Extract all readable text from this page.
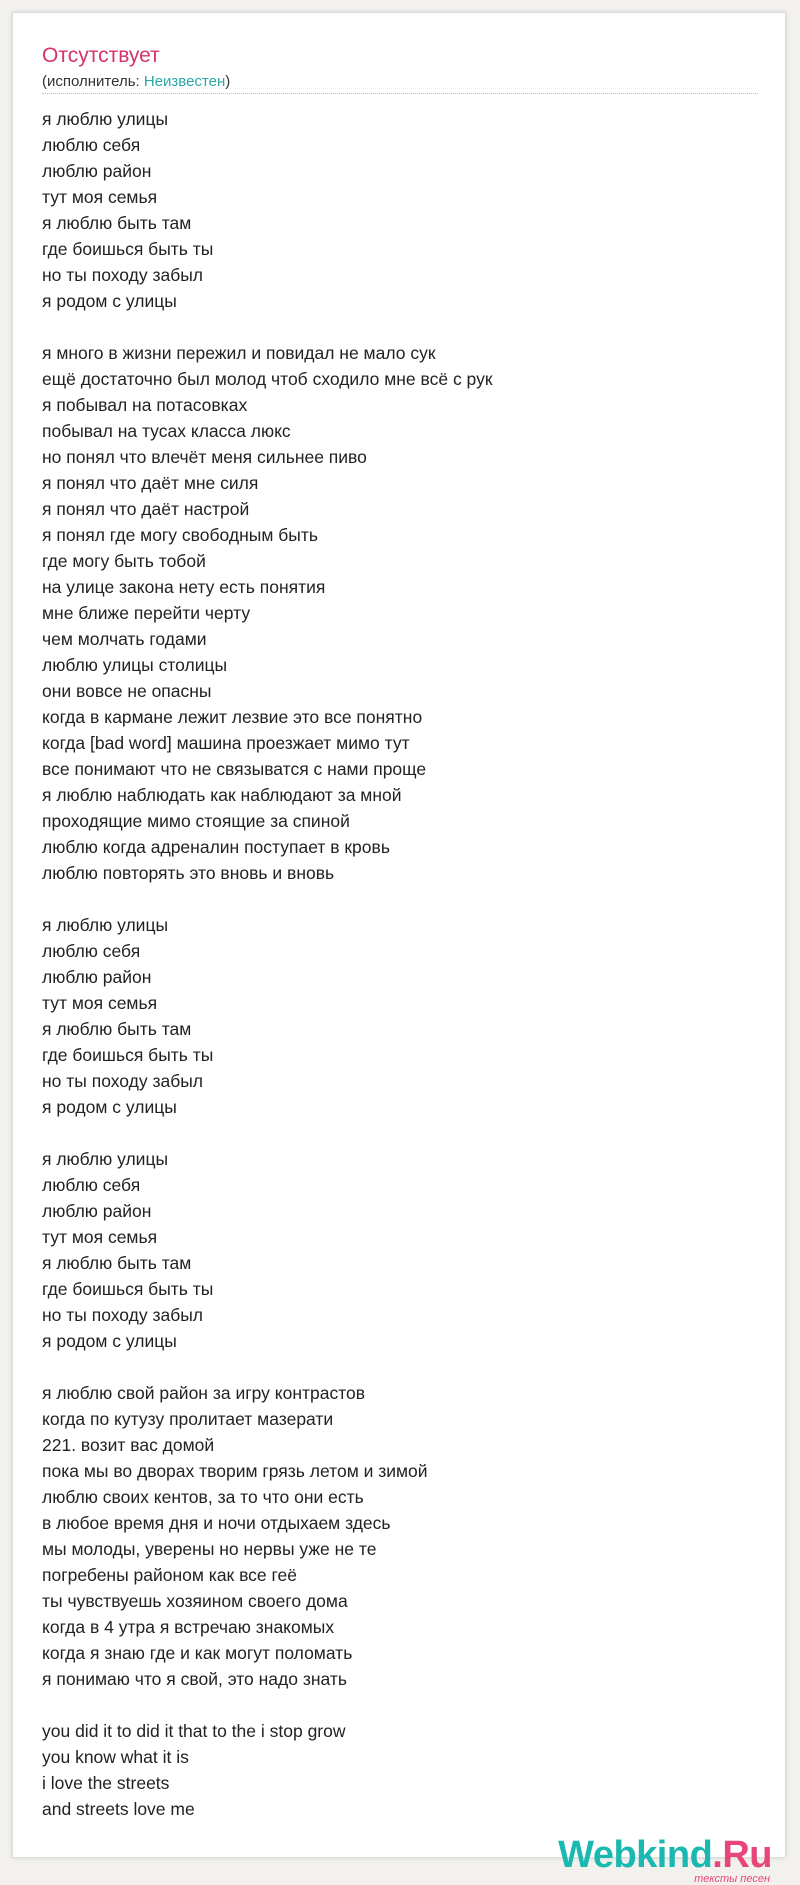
Отсутствует
(исполнитель: Неизвестен)
я люблю улицы
люблю себя
люблю район
тут моя семья
я люблю быть там
где боишься быть ты
но ты походу забыл
я родом с улицы

я много в жизни пережил и повидал не мало сук
ещё достаточно был молод чтоб сходило мне всё с рук
я побывал на потасовках
побывал на тусах класса люкс
но понял что влечёт меня сильнее пиво
я понял что даёт мне силя
я понял что даёт настрой
я понял где могу свободным быть
где могу быть тобой
на улице закона нету есть понятия
мне ближе перейти черту
чем молчать годами
люблю улицы столицы
они вовсе не опасны
когда в кармане лежит лезвие это все понятно
когда [bad word] машина проезжает мимо тут
все понимают что не связыватся с нами проще
я люблю наблюдать как наблюдают за мной
проходящие мимо стоящие за спиной
люблю когда адреналин поступает в кровь
люблю повторять это вновь и вновь

я люблю улицы
люблю себя
люблю район
тут моя семья
я люблю быть там
где боишься быть ты
но ты походу забыл
я родом с улицы

я люблю улицы
люблю себя
люблю район
тут моя семья
я люблю быть там
где боишься быть ты
но ты походу забыл
я родом с улицы

я люблю свой район за игру контрастов
когда по кутузу пролитает мазерати
221. возит вас домой
пока мы во дворах творим грязь летом и зимой
люблю своих кентов, за то что они есть
в любое время дня и ночи отдыхаем здесь
мы молоды, уверены но нервы уже не те
погребены районом как все геё
ты чувствуешь хозяином своего дома
когда в 4 утра я встречаю знакомых
когда я знаю где и как могут поломать
я понимаю что я свой, это надо знать

you did it to did it that to the i stop grow
you know what it is
i love the streets
and streets love me
Webkind.Ru
тексты песен
